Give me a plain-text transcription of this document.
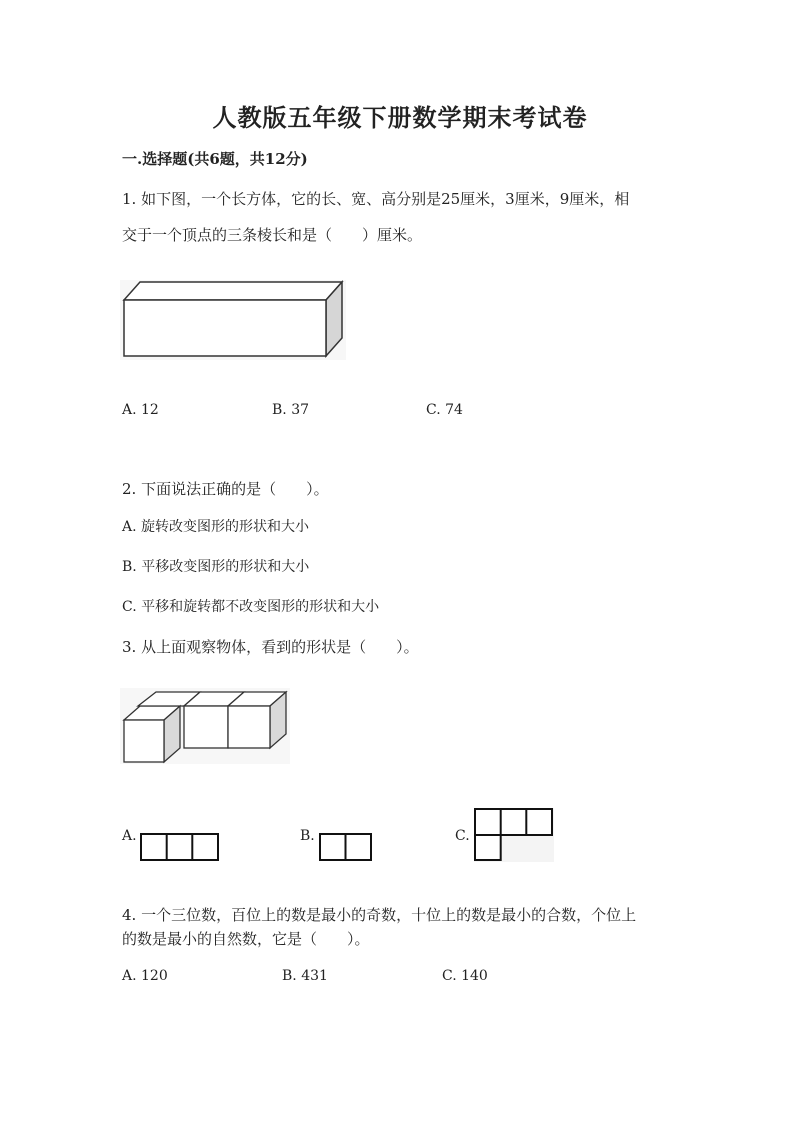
人教版五年级下册数学期末考试卷
一.选择题(共6题，共12分)
1. 如下图，一个长方体，它的长、宽、高分别是25厘米，3厘米，9厘米，相
交于一个顶点的三条棱长和是（　　）厘米。
A. 12	B. 37	C. 74
2. 下面说法正确的是（　　）。
A. 旋转改变图形的形状和大小
B. 平移改变图形的形状和大小
C. 平移和旋转都不改变图形的形状和大小
3. 从上面观察物体，看到的形状是（　　）。
A.	B.	C.
4. 一个三位数，百位上的数是最小的奇数，十位上的数是最小的合数，个位上
的数是最小的自然数，它是（　　）。
A. 120	B. 431	C. 140
